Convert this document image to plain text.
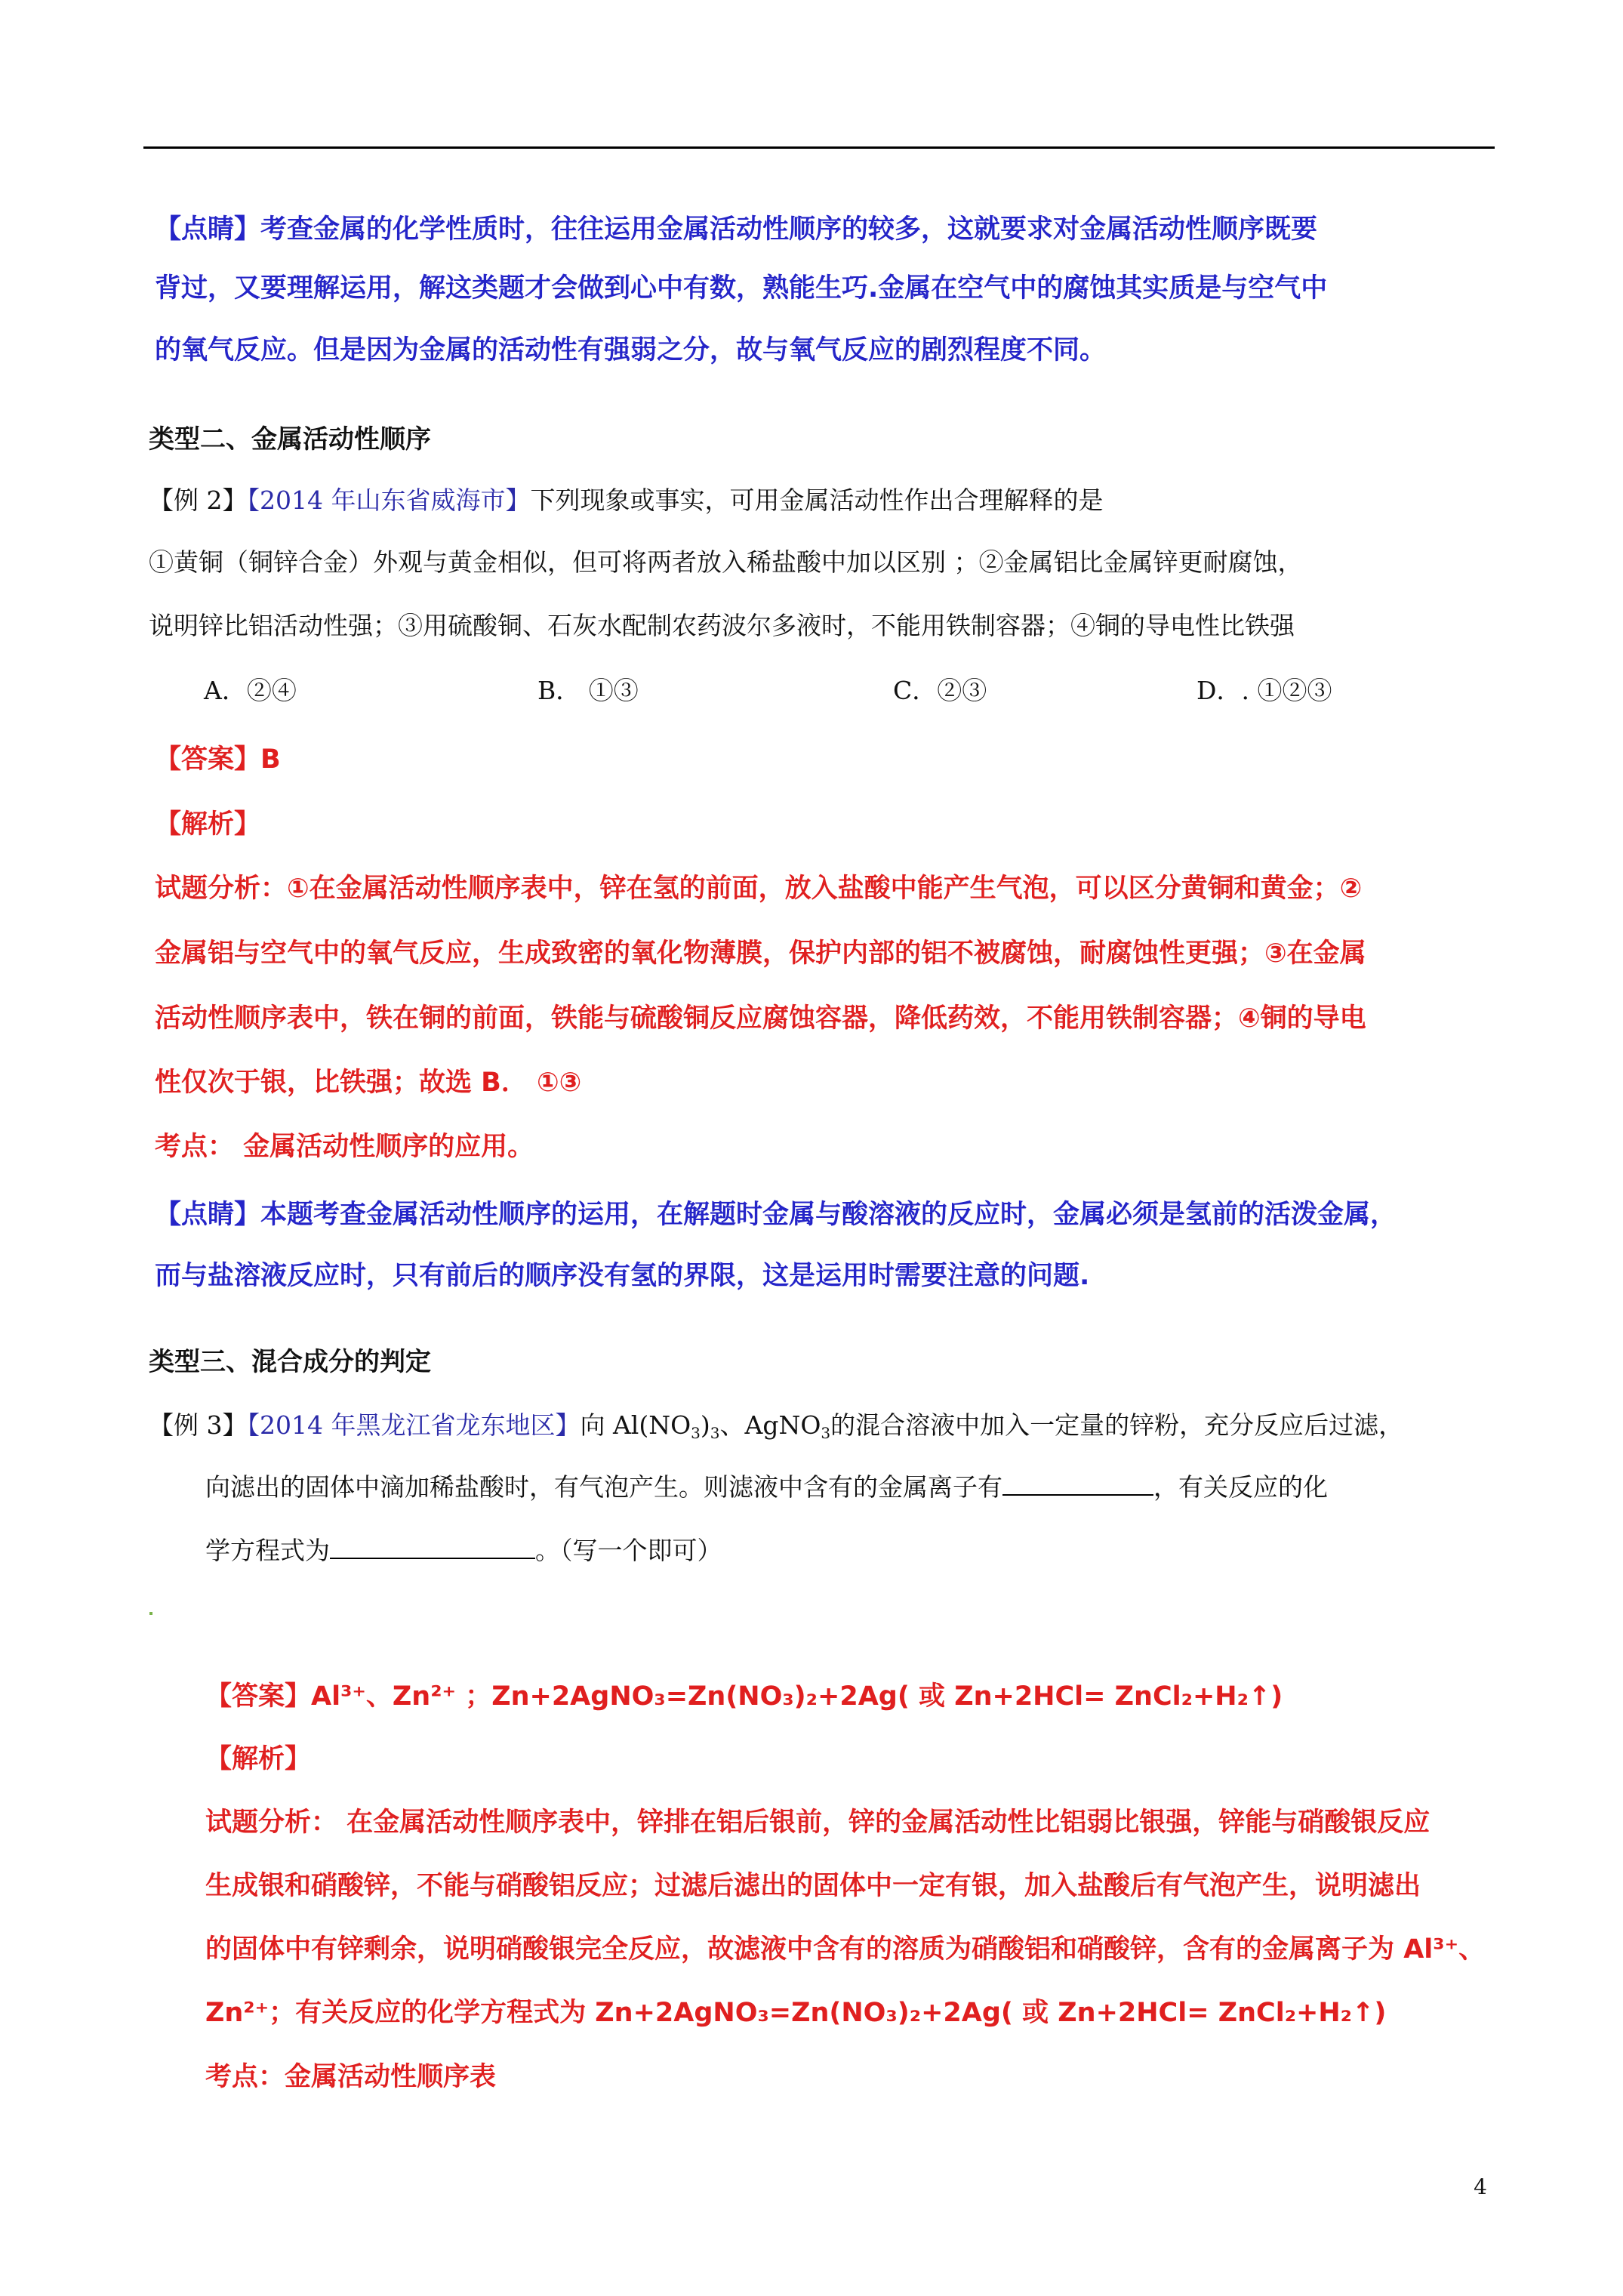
【点睛】考查金属的化学性质时，往往运用金属活动性顺序的较多，这就要求对金属活动性顺序既要
背过，又要理解运用，解这类题才会做到心中有数，熟能生巧.金属在空气中的腐蚀其实质是与空气中
的氧气反应。但是因为金属的活动性有强弱之分，故与氧气反应的剧烈程度不同。
类型二、金属活动性顺序
【例 2】【2014 年山东省威海市】下列现象或事实，可用金属活动性作出合理解释的是
①黄铜（铜锌合金）外观与黄金相似，但可将两者放入稀盐酸中加以区别 ；②金属铝比金属锌更耐腐蚀，
说明锌比铝活动性强；③用硫酸铜、石灰水配制农药波尔多液时，不能用铁制容器；④铜的导电性比铁强
A．②④	B． ①③	C．②③	D．. ①②③
【答案】B
【解析】
试题分析：①在金属活动性顺序表中，锌在氢的前面，放入盐酸中能产生气泡，可以区分黄铜和黄金；②
金属铝与空气中的氧气反应，生成致密的氧化物薄膜，保护内部的铝不被腐蚀，耐腐蚀性更强；③在金属
活动性顺序表中，铁在铜的前面，铁能与硫酸铜反应腐蚀容器，降低药效，不能用铁制容器；④铜的导电
性仅次于银，比铁强；故选 B． ①③
考点： 金属活动性顺序的应用。
【点睛】本题考查金属活动性顺序的运用，在解题时金属与酸溶液的反应时，金属必须是氢前的活泼金属，
而与盐溶液反应时，只有前后的顺序没有氢的界限，这是运用时需要注意的问题.
类型三、混合成分的判定
【例 3】【2014 年黑龙江省龙东地区】向 $Al(NO_3)_3$、AgNO$_3$的混合溶液中加入一定量的锌粉，充分反应后过滤，
向滤出的固体中滴加稀盐酸时，有气泡产生。则滤液中含有的金属离子有	，有关反应的化
学方程式为	。（写一个即可）
【答案】Al³⁺、Zn²⁺ ；Zn+2AgNO₃=Zn(NO₃)₂+2Ag( 或 Zn+2HCl= ZnCl₂+H₂↑)
【解析】
试题分析： 在金属活动性顺序表中，锌排在铝后银前，锌的金属活动性比铝弱比银强，锌能与硝酸银反应
生成银和硝酸锌，不能与硝酸铝反应；过滤后滤出的固体中一定有银，加入盐酸后有气泡产生，说明滤出
的固体中有锌剩余，说明硝酸银完全反应，故滤液中含有的溶质为硝酸铝和硝酸锌，含有的金属离子为 Al³⁺、
Zn²⁺；有关反应的化学方程式为 Zn+2AgNO₃=Zn(NO₃)₂+2Ag( 或 Zn+2HCl= ZnCl₂+H₂↑)
考点：金属活动性顺序表
4
